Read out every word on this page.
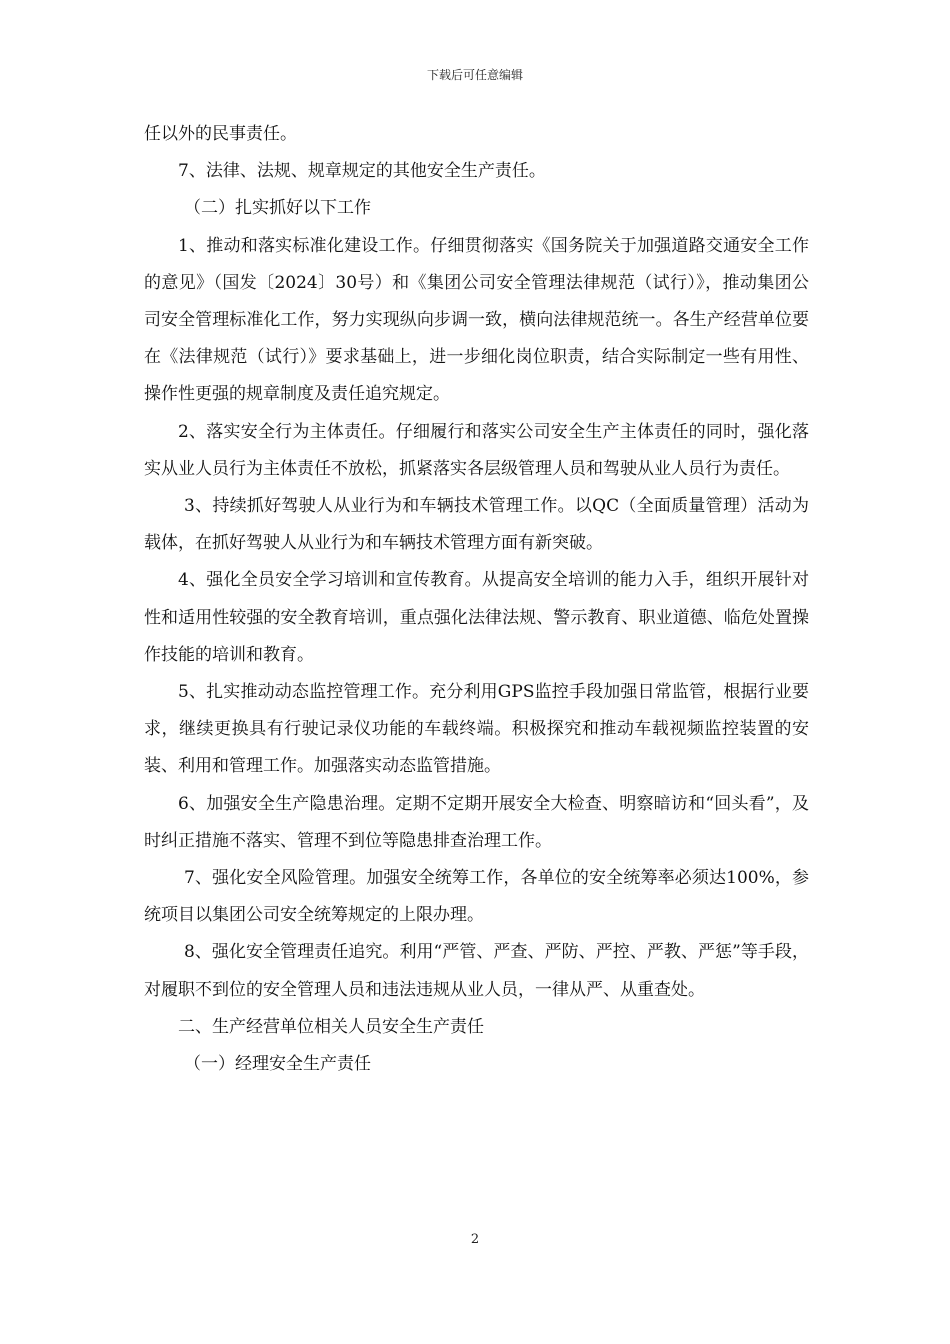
下载后可任意编辑

任以外的民事责任。

7、法律、法规、规章规定的其他安全生产责任。

（二）扎实抓好以下工作

1、推动和落实标准化建设工作。仔细贯彻落实《国务院关于加强道路交通安全工作的意见》（国发〔2024〕30号）和《集团公司安全管理法律规范（试行）》，推动集团公司安全管理标准化工作，努力实现纵向步调一致，横向法律规范统一。各生产经营单位要在《法律规范（试行）》要求基础上，进一步细化岗位职责，结合实际制定一些有用性、操作性更强的规章制度及责任追究规定。

2、落实安全行为主体责任。仔细履行和落实公司安全生产主体责任的同时，强化落实从业人员行为主体责任不放松，抓紧落实各层级管理人员和驾驶从业人员行为责任。

3、持续抓好驾驶人从业行为和车辆技术管理工作。以QC（全面质量管理）活动为载体，在抓好驾驶人从业行为和车辆技术管理方面有新突破。

4、强化全员安全学习培训和宣传教育。从提高安全培训的能力入手，组织开展针对性和适用性较强的安全教育培训，重点强化法律法规、警示教育、职业道德、临危处置操作技能的培训和教育。

5、扎实推动动态监控管理工作。充分利用GPS监控手段加强日常监管，根据行业要求，继续更换具有行驶记录仪功能的车载终端。积极探究和推动车载视频监控装置的安装、利用和管理工作。加强落实动态监管措施。

6、加强安全生产隐患治理。定期不定期开展安全大检查、明察暗访和“回头看”，及时纠正措施不落实、管理不到位等隐患排查治理工作。

7、强化安全风险管理。加强安全统筹工作，各单位的安全统筹率必须达100%，参统项目以集团公司安全统筹规定的上限办理。

8、强化安全管理责任追究。利用“严管、严查、严防、严控、严教、严惩”等手段，对履职不到位的安全管理人员和违法违规从业人员，一律从严、从重查处。

二、生产经营单位相关人员安全生产责任

（一）经理安全生产责任

2
